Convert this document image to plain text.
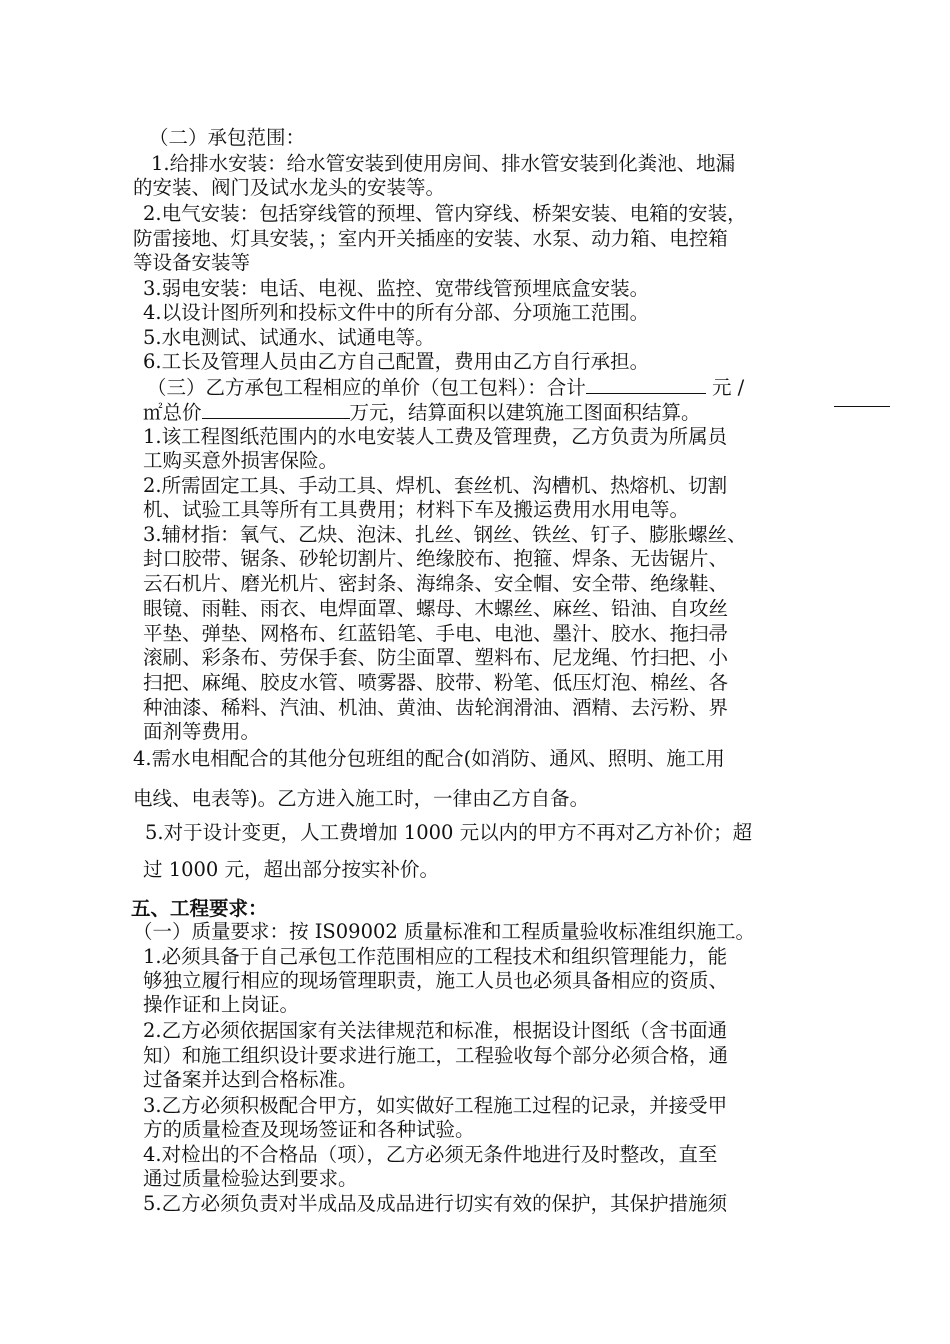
（二）承包范围：
1.给排水安装：给水管安装到使用房间、排水管安装到化粪池、地漏
的安装、阀门及试水龙头的安装等。
2.电气安装：包括穿线管的预埋、管内穿线、桥架安装、电箱的安装，
防雷接地、灯具安装，；室内开关插座的安装、水泵、动力箱、电控箱
等设备安装等
3.弱电安装：电话、电视、监控、宽带线管预埋底盒安装。
4.以设计图所列和投标文件中的所有分部、分项施工范围。
5.水电测试、试通水、试通电等。
6.工长及管理人员由乙方自己配置，费用由乙方自行承担。
（三）乙方承包工程相应的单价（包工包料）：合计	元 /
㎡总价	万元，结算面积以建筑施工图面积结算。
1.该工程图纸范围内的水电安装人工费及管理费，乙方负责为所属员
工购买意外损害保险。
2.所需固定工具、手动工具、焊机、套丝机、沟槽机、热熔机、切割
机、试验工具等所有工具费用；材料下车及搬运费用水用电等。
3.辅材指：氧气、乙炔、泡沫、扎丝、钢丝、铁丝、钉子、膨胀螺丝、
封口胶带、锯条、砂轮切割片、绝缘胶布、抱箍、焊条、无齿锯片、
云石机片、磨光机片、密封条、海绵条、安全帽、安全带、绝缘鞋、
眼镜、雨鞋、雨衣、电焊面罩、螺母、木螺丝、麻丝、铅油、自攻丝
平垫、弹垫、网格布、红蓝铅笔、手电、电池、墨汁、胶水、拖扫帚
滚刷、彩条布、劳保手套、防尘面罩、塑料布、尼龙绳、竹扫把、小
扫把、麻绳、胶皮水管、喷雾器、胶带、粉笔、低压灯泡、棉丝、各
种油漆、稀料、汽油、机油、黄油、齿轮润滑油、酒精、去污粉、界
面剂等费用。
4.需水电相配合的其他分包班组的配合(如消防、通风、照明、施工用
电线、电表等)。乙方进入施工时，一律由乙方自备。
5.对于设计变更，人工费增加 1000 元以内的甲方不再对乙方补价；超
过 1000 元，超出部分按实补价。
五、工程要求：
（一）质量要求：按 IS09002 质量标准和工程质量验收标准组织施工。
1.必须具备于自己承包工作范围相应的工程技术和组织管理能力，能
够独立履行相应的现场管理职责，施工人员也必须具备相应的资质、
操作证和上岗证。
2.乙方必须依据国家有关法律规范和标准，根据设计图纸（含书面通
知）和施工组织设计要求进行施工，工程验收每个部分必须合格，通
过备案并达到合格标准。
3.乙方必须积极配合甲方，如实做好工程施工过程的记录，并接受甲
方的质量检查及现场签证和各种试验。
4.对检出的不合格品（项），乙方必须无条件地进行及时整改，直至
通过质量检验达到要求。
5.乙方必须负责对半成品及成品进行切实有效的保护，其保护措施须
